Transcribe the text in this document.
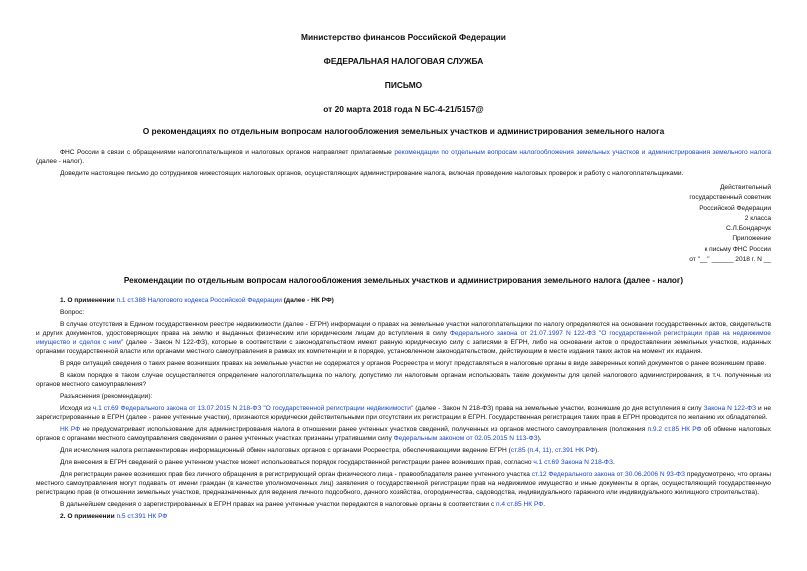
Министерство финансов Российской Федерации
ФЕДЕРАЛЬНАЯ НАЛОГОВАЯ СЛУЖБА
ПИСЬМО
от 20 марта 2018 года N БС-4-21/5157@
О рекомендациях по отдельным вопросам налогообложения земельных участков и администрирования земельного налога

ФНС России в связи с обращениями налогоплательщиков и налоговых органов направляет прилагаемые рекомендации по отдельным вопросам налогообложения земельных участков и администрирования земельного налога (далее - налог).

Доведите настоящее письмо до сотрудников нижестоящих налоговых органов, осуществляющих администрирование налога, включая проведение налоговых проверок и работу с налогоплательщиками.

Действительный
государственный советник
Российской Федерации
2 класса
С.Л.Бондарчук
Приложение
к письму ФНС России
от "__" ______ 2018 г. N __
Рекомендации по отдельным вопросам налогообложения земельных участков и администрирования земельного налога (далее - налог)
1. О применении п.1 ст.388 Налогового кодекса Российской Федерации (далее - НК РФ)

Вопрос:

В случае отсутствия в Едином государственном реестре недвижимости (далее - ЕГРН) информации о правах на земельные участки налогоплательщики по налогу определяются на основании государственных актов, свидетельств и других документов, удостоверяющих права на землю и выданных физическим или юридическим лицам до вступления в силу Федерального закона от 21.07.1997 N 122-ФЗ "О государственной регистрации прав на недвижимое имущество и сделок с ним" (далее - Закон N 122-ФЗ), которые в соответствии с законодательством имеют равную юридическую силу с записями в ЕГРН, либо на основании актов о предоставлении земельных участков, изданных органами государственной власти или органами местного самоуправления в рамках их компетенции и в порядке, установленном законодательством, действующим в месте издания таких актов на момент их издания.

В ряде ситуаций сведения о таких ранее возникших правах на земельные участки не содержатся у органов Росреестра и могут представляться в налоговые органы в виде заверенных копий документов о ранее возникшем праве.

В каком порядке в таком случае осуществляется определение налогоплательщика по налогу, допустимо ли налоговым органам использовать такие документы для целей налогового администрирования, в т.ч. полученные из органов местного самоуправления?

Разъяснения (рекомендации):

Исходя из ч.1 ст.69 Федерального закона от 13.07.2015 N 218-ФЗ "О государственной регистрации недвижимости" (далее - Закон N 218-ФЗ) права на земельные участки, возникшие до дня вступления в силу Закона N 122-ФЗ и не зарегистрированные в ЕГРН (далее - ранее учтенные участки), признаются юридически действительными при отсутствии их регистрации в ЕГРН. Государственная регистрация таких прав в ЕГРН проводится по желанию их обладателей.

НК РФ не предусматривает использование для администрирования налога в отношении ранее учтенных участков сведений, полученных из органов местного самоуправления (положения п.9.2 ст.85 НК РФ об обмене налоговых органов с органами местного самоуправления сведениями о ранее учтенных участках признаны утратившими силу Федеральным законом от 02.05.2015 N 113-ФЗ).

Для исчисления налога регламентирован информационный обмен налоговых органов с органами Росреестра, обеспечивающими ведение ЕГРН (ст.85 (п.4, 11), ст.391 НК РФ).

Для внесения в ЕГРН сведений о ранее учтенном участке может использоваться порядок государственной регистрации ранее возникших прав, согласно ч.1 ст.69 Закона N 218-ФЗ.

Для регистрации ранее возникших прав без личного обращения в регистрирующий орган физического лица - правообладателя ранее учтенного участка ст.12 Федерального закона от 30.06.2006 N 93-ФЗ предусмотрено, что органы местного самоуправления могут подавать от имени граждан (в качестве уполномоченных лиц) заявления о государственной регистрации прав на недвижимое имущество и иные документы в орган, осуществляющий государственную регистрацию прав (в отношении земельных участков, предназначенных для ведения личного подсобного, дачного хозяйства, огородничества, садоводства, индивидуального гаражного или индивидуального жилищного строительства).

В дальнейшем сведения о зарегистрированных в ЕГРН правах на ранее учтенные участки передаются в налоговые органы в соответствии с п.4 ст.85 НК РФ.

2. О применении п.5 ст.391 НК РФ
